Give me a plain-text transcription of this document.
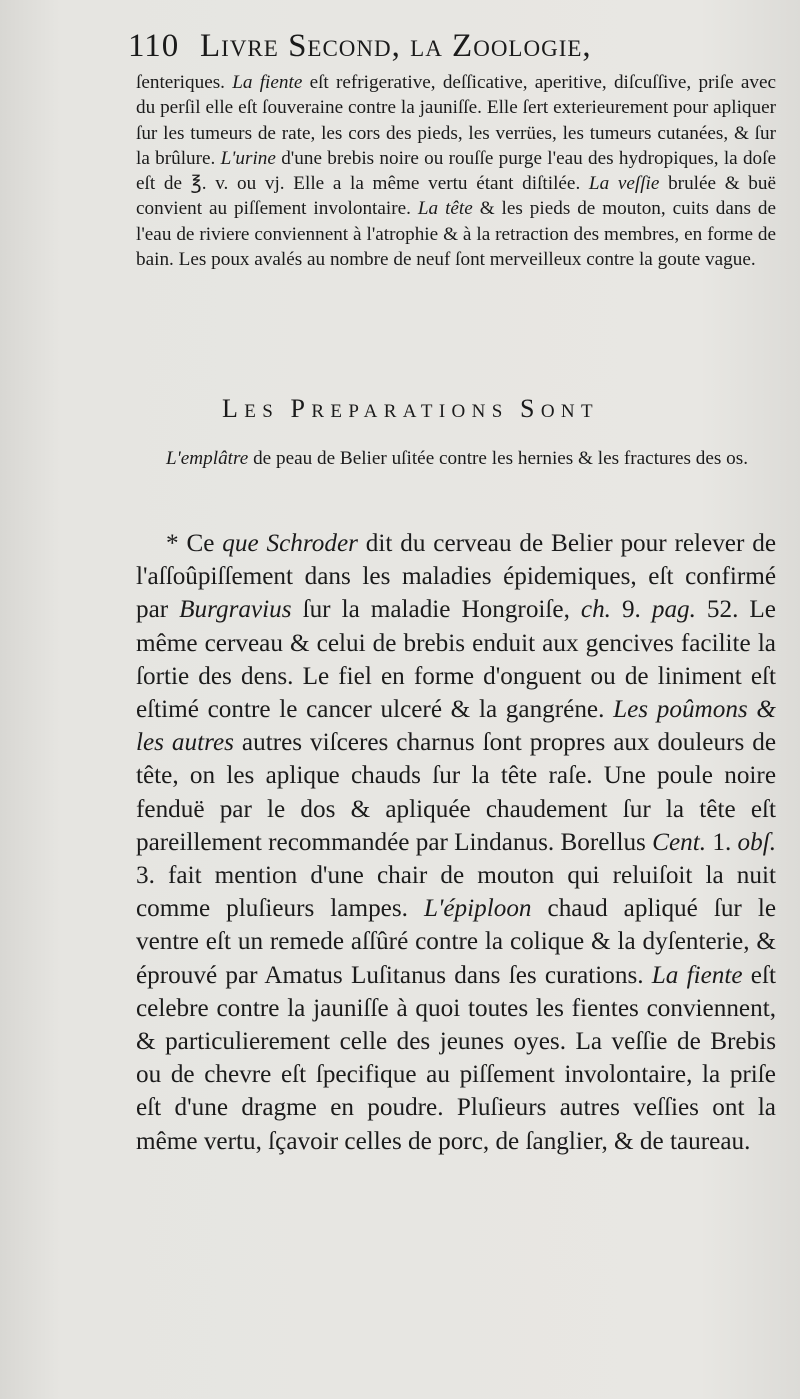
110 Livre Second, la Zoologie,

ſenteriques. La fiente eſt refrigerative, deſſicative, aperitive, diſcuſſive, priſe avec du perſil elle eſt ſouveraine contre la jauniſſe. Elle ſert exterieurement pour apliquer ſur les tumeurs de rate, les cors des pieds, les verrües, les tumeurs cutanées, & ſur la brûlure. L'urine d'une brebis noire ou rouſſe purge l'eau des hydropiques, la doſe eſt de ℥. v. ou vj. Elle a la même vertu étant diſtilée. La veſſie brulée & buë convient au piſſement involontaire. La tête & les pieds de mouton, cuits dans de l'eau de riviere conviennent à l'atrophie & à la retraction des membres, en forme de bain. Les poux avalés au nombre de neuf ſont merveilleux contre la goute vague.

LES PREPARATIONS SONT

L'emplâtre de peau de Belier uſitée contre les hernies & les fractures des os.

* Ce que Schroder dit du cerveau de Belier pour relever de l'aſſoûpiſſement dans les maladies épidemiques, eſt confirmé par Burgravius ſur la maladie Hongroiſe, ch. 9. pag. 52. Le même cerveau & celui de brebis enduit aux gencives facilite la ſortie des dens. Le fiel en forme d'onguent ou de liniment eſt eſtimé contre le cancer ulceré & la gangréne. Les poûmons & les autres autres viſceres charnus ſont propres aux douleurs de tête, on les aplique chauds ſur la tête raſe. Une poule noire fenduë par le dos & apliquée chaudement ſur la tête eſt pareillement recommandée par Lindanus. Borellus Cent. 1. obſ. 3. fait mention d'une chair de mouton qui reluiſoit la nuit comme pluſieurs lampes. L'épiploon chaud apliqué ſur le ventre eſt un remede aſſûré contre la colique & la dyſenterie, & éprouvé par Amatus Luſitanus dans ſes curations. La fiente eſt celebre contre la jauniſſe à quoi toutes les fientes conviennent, & particulierement celle des jeunes oyes. La veſſie de Brebis ou de chevre eſt ſpecifique au piſſement involontaire, la priſe eſt d'une dragme en poudre. Pluſieurs autres veſſies ont la même vertu, ſçavoir celles de porc, de ſanglier, & de taureau.
